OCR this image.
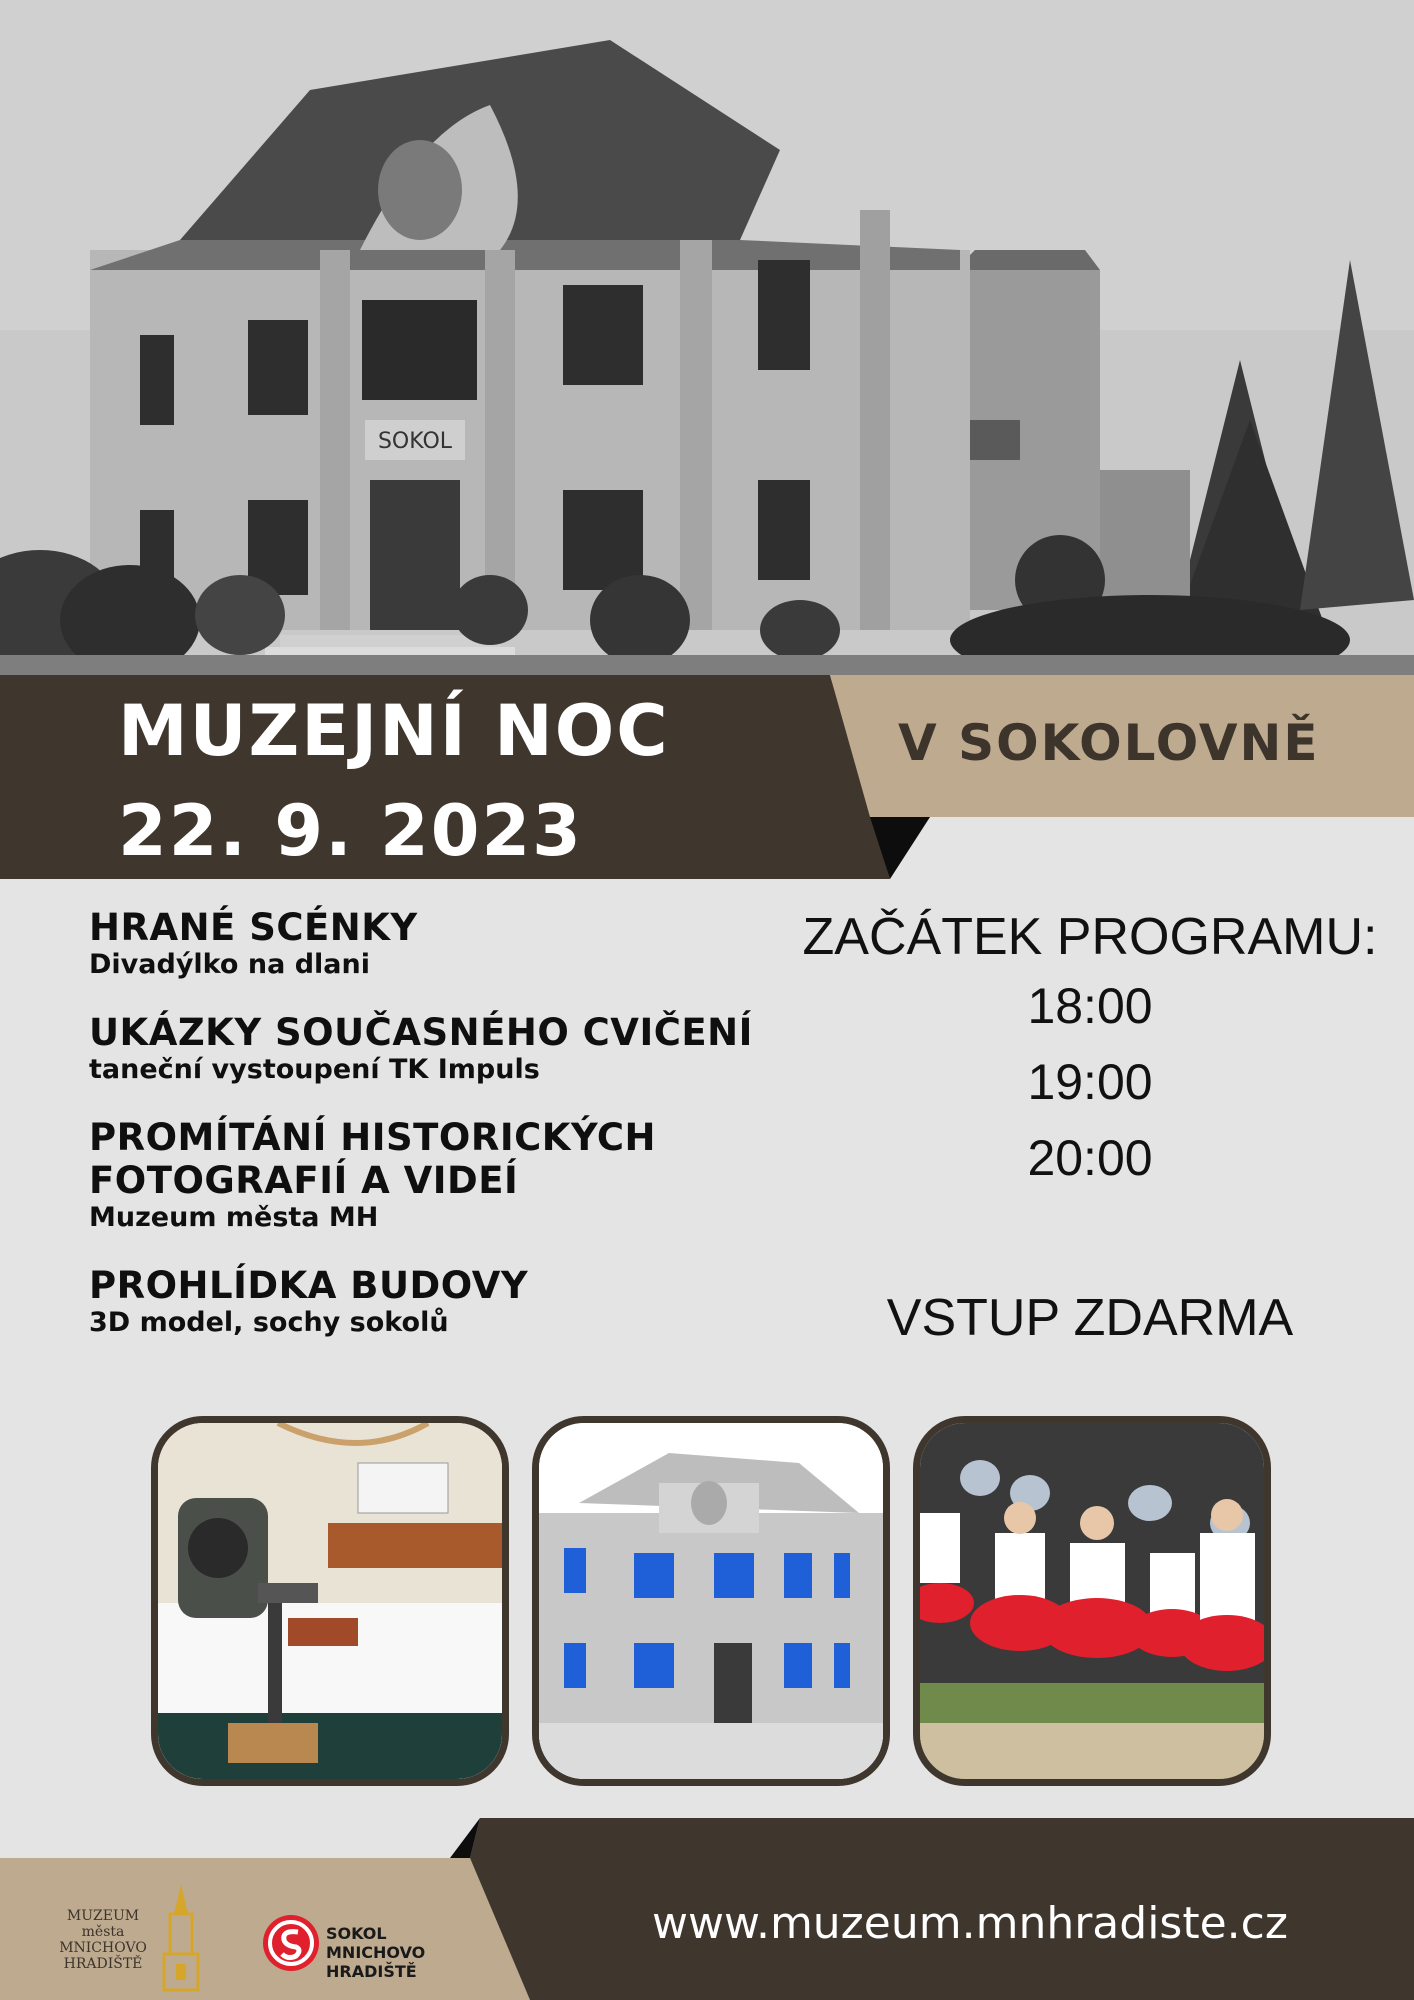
SOKOL
MUZEJNÍ NOC
22. 9. 2023
V SOKOLOVNĚ
HRANÉ SCÉNKY
Divadýlko na dlani
UKÁZKY SOUČASNÉHO CVIČENÍ
taneční vystoupení TK Impuls
PROMÍTÁNÍ HISTORICKÝCH
FOTOGRAFIÍ A VIDEÍ
Muzeum města MH
PROHLÍDKA BUDOVY
3D model, sochy sokolů
ZAČÁTEK PROGRAMU:
18:00
19:00
20:00
VSTUP ZDARMA
MUZEUM
města
MNICHOVO
HRADIŠTĚ
SOKOL
MNICHOVO HRADIŠTĚ
www.muzeum.mnhradiste.cz
